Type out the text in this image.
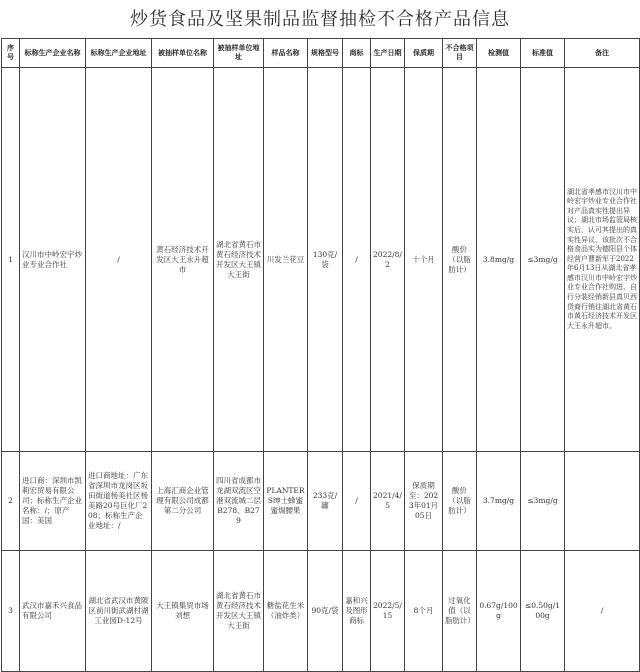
炒货食品及坚果制品监督抽检不合格产品信息
序号	标称生产企业名称	标称生产企业地址	被抽样单位名称	被抽样单位地址	样品名称	规格型号	商标	生产日期	保质期	不合格项目	检测值	标准值	备注
1	汉川市中岭宏宇炒业专业合作社	/	黄石经济技术开发区大王永升超市	湖北省黄石市黄石经济技术开发区大王镇大王街	川发兰花豆	130克/袋	/	2022/8/2	十个月	酸价（以脂肪计）	3.8mg/g	≤3mg/g	湖北省孝感市汉川市中岭宏宇炒业专业合作社对产品真实性提出异议；湖北市场监管局核实后，认可其提出的真实性异议，该批次不合格食品实为德阳县个体经营户曹新军于2022年6月13日从湖北省孝感市汉川市中岭宏宇炒业专业合作社购进，自行分装经销新县真贝西货商行销往湖北省黄石市黄石经济技术开发区大王永升超市。
2	进口商：深圳市凯莉宏贸易有限公司；标称生产企业名称：/；原产国：美国	进口商地址：广东省深圳市龙岗区坂田街道杨美社区杨美路20号巨化厂208；标称生产企业地址：/	上海汇商企业管理有限公司成都第二分公司	四川省成都市龙湖双流区空港双流城二层B278、B279	PLANTERS绅士蜂蜜蜜焗腰果	233克/罐	/	2021/4/5	保质期至：2023年01月05日	酸价（以脂肪计）	3.7mg/g	≤3mg/g	
3	武汉市嘉禾兴食品有限公司	湖北省武汉市黄陂区前川街武湖村湖工业园D-12号	大王镇集贸市场刘想	湖北省黄石市黄石经济技术开发区大王镇大王街	糖盐花生米（油炸类）	90克/袋	嘉和兴及图形商标	2022/5/15	8个月	过氧化值（以脂肪计）	0.67g/100g	≤0.50g/100g	/
